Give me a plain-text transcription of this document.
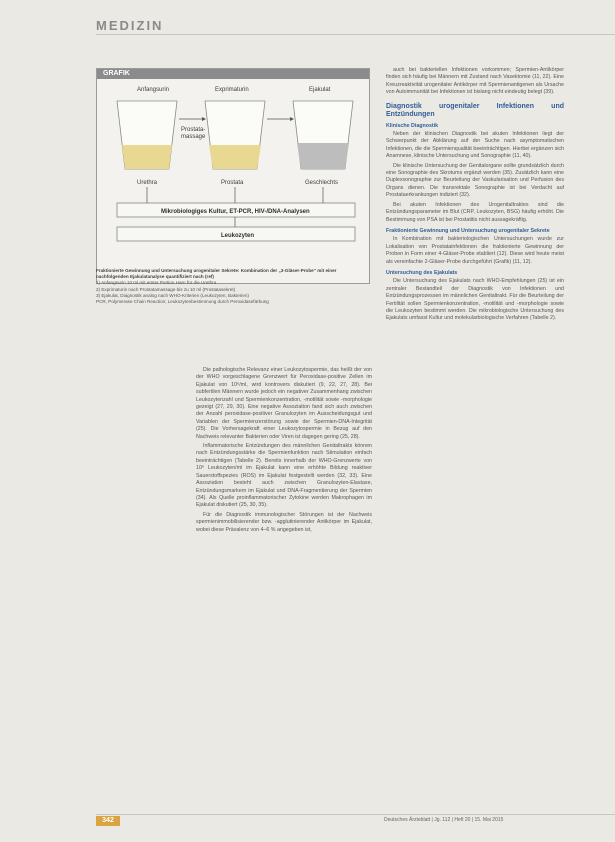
MEDIZIN
GRAFIK
Anfangsurin	Exprimaturin	Ejakulat
Prostata-
massage
Urethra	Prostata	Geschlechts
Mikrobiologiges Kultur, ET-PCR, HIV-/DNA-Analysen
Leukozyten

Fraktionierte Gewinnung und Untersuchung urogenitaler Sekrete: Kombination der „3-Gläser-Probe“ mit einer nachfolgenden Ejakulatanalyse quantifiziert nach (ref)

1) Anfangsurin 10 ml mit erster Portion Harn für die Urethra

2) Exprimaturin nach Prostatamassage bis zu 10 ml (Prostatasekret)

3) Ejakulat, Diagnostik analog nach WHO-Kriterien (Leukozyten, Bakterien)

PCR, Polymerase Chain Reaction; Leukozytenbestimmung durch Peroxidasefärbung

Die pathologische Relevanz einer Leukozytospermie, das heißt der von der WHO vorgeschlagene Grenzwert für Peroxidase-positive Zellen im Ejakulat von 10⁶/ml, wird kontrovers diskutiert (9, 22, 27, 28). Bei subfertilen Männern wurde jedoch ein negativer Zusammenhang zwischen Leukozytenzahl und Spermienkonzentration, -motilität sowie -morphologie gezeigt (27, 29, 30). Eine negative Assoziation fand sich auch zwischen der Anzahl peroxidase-positiver Granulozyten im Ausscheidungsgut und Variablen der Spermienzerstörung sowie der Spermien-DNA-Integrität (25). Die Vorhersagekraft einer Leukozytospermie in Bezug auf den Nachweis relevanter Bakterien oder Viren ist dagegen gering (25, 28).

Inflammatorische Entzündungen des männlichen Genitaltrakts können nach Entzündungsstärke die Spermienfunktion nach Stimulation einfach beeinträchtigen (Tabelle 2). Bereits innerhalb der WHO-Grenzwerte von 10⁶ Leukozyten/ml im Ejakulat kann eine erhöhte Bildung reaktiver Sauerstoffspezies (ROS) im Ejakulat festgestellt werden (32, 33). Eine Assoziation besteht auch zwischen Granulozyten-Elastase, Entzündungsmarkern im Ejakulat und DNA-Fragmentierung der Spermien (34). Als Quelle proinflammatorischer Zytokine werden Makrophagen im Ejakulat diskutiert (25, 30, 35).

Für die Diagnostik immunologischer Störungen ist der Nachweis spermienimmobilisierender bzw. -agglutinierender Antikörper im Ejakulat, wobei diese Prävalenz von 4–6 % angegeben ist,

auch bei bakteriellen Infektionen vorkommen; Spermien-Antikörper finden sich häufig bei Männern mit Zustand nach Vasektomie (11, 22). Eine Kreuzreaktivität urogenitaler Antikörper mit Spermienantigenen als Ursache von Autoimmunität bei Infektionen ist bislang nicht eindeutig belegt (39).

Diagnostik urogenitaler Infektionen und Entzündungen
Klinische Diagnostik

Neben der klinischen Diagnostik bei akuten Infektionen liegt der Schwerpunkt der Abklärung auf der Suche nach asymptomatischen Infektionen, die die Spermienqualität beeinträchtigen. Hierbei ergänzen sich Anamnese, klinische Untersuchung und Sonographie (11, 40).

Die klinische Untersuchung der Genitalorgane sollte grundsätzlich durch eine Sonographie des Skrotums ergänzt werden (35). Zusätzlich kann eine Duplexsonographie zur Beurteilung der Vaskularisation und Perfusion des Organs dienen. Die transrektale Sonographie ist bei Verdacht auf Prostataerkrankungen indiziert (32).

Bei akuten Infektionen des Urogenitaltraktes sind die Entzündungsparameter im Blut (CRP, Leukozyten, BSG) häufig erhöht. Die Bestimmung von PSA ist bei Prostatitis nicht aussagekräftig.

Fraktionierte Gewinnung und Untersuchung urogenitaler Sekrete

In Kombination mit bakteriologischen Untersuchungen wurde zur Lokalisation von Prostatainfektionen die fraktionierte Gewinnung der Proben in Form einer 4-Gläser-Probe etabliert (12). Diese wird heute meist als vereinfachte 2-Gläser-Probe durchgeführt (Grafik) (11, 12).

Untersuchung des Ejakulats

Die Untersuchung des Ejakulats nach WHO-Empfehlungen (25) ist ein zentraler Bestandteil der Diagnostik von Infektionen und Entzündungsprozessen im männlichen Genitaltrakt. Für die Beurteilung der Fertilität sollen Spermienkonzentration, -motilität und -morphologie sowie die Leukozyten bestimmt werden. Die mikrobiologische Untersuchung des Ejakulats umfasst Kultur und molekularbiologische Verfahren (Tabelle 2).

342	Deutsches Ärzteblatt | Jg. 112 | Heft 20 | 15. Mai 2015
